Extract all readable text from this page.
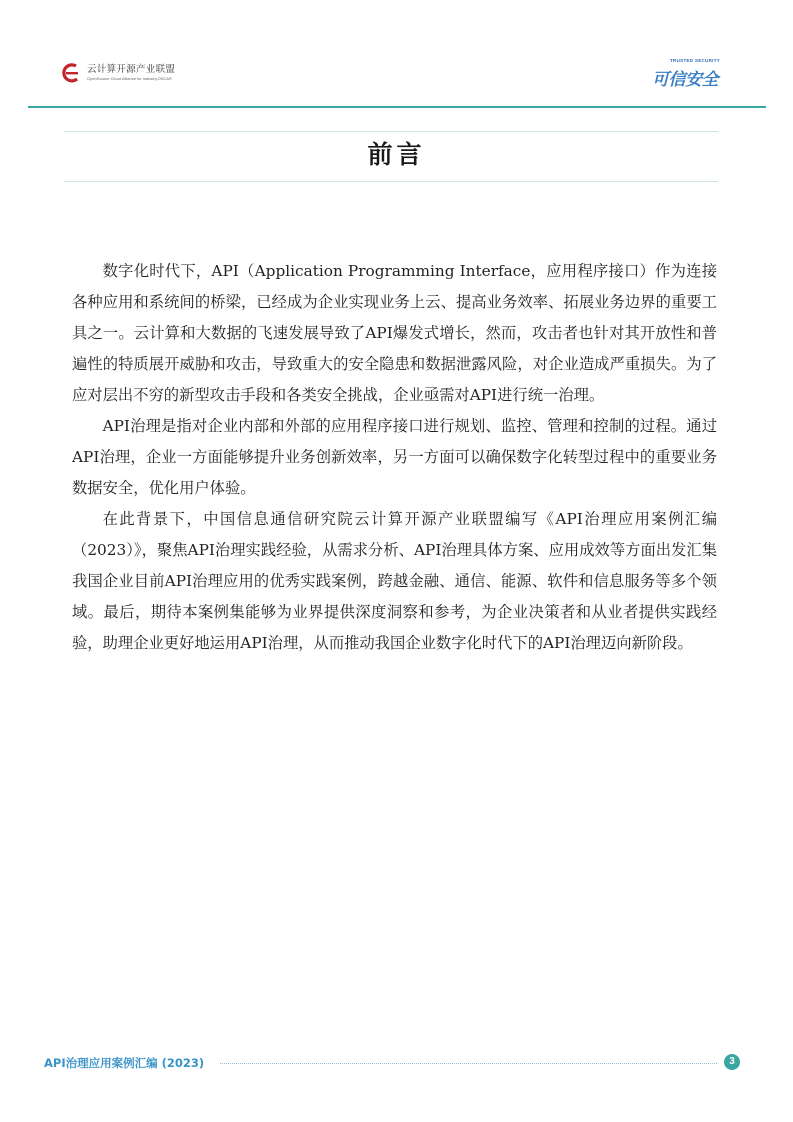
云计算开源产业联盟
OpenSource Cloud Alliance for industry,OSCAR
TRUSTED SECURITY
可信安全
前言

数字化时代下，API（Application Programming Interface，应用程序接口）作为连接各种应用和系统间的桥梁，已经成为企业实现业务上云、提高业务效率、拓展业务边界的重要工具之一。云计算和大数据的飞速发展导致了API爆发式增长，然而，攻击者也针对其开放性和普遍性的特质展开威胁和攻击，导致重大的安全隐患和数据泄露风险，对企业造成严重损失。为了应对层出不穷的新型攻击手段和各类安全挑战，企业亟需对API进行统一治理。

API治理是指对企业内部和外部的应用程序接口进行规划、监控、管理和控制的过程。通过API治理，企业一方面能够提升业务创新效率，另一方面可以确保数字化转型过程中的重要业务数据安全，优化用户体验。

在此背景下，中国信息通信研究院云计算开源产业联盟编写《API治理应用案例汇编（2023）》，聚焦API治理实践经验，从需求分析、API治理具体方案、应用成效等方面出发汇集我国企业目前API治理应用的优秀实践案例，跨越金融、通信、能源、软件和信息服务等多个领域。最后，期待本案例集能够为业界提供深度洞察和参考，为企业决策者和从业者提供实践经验，助理企业更好地运用API治理，从而推动我国企业数字化时代下的API治理迈向新阶段。

API治理应用案例汇编 (2023)	3
